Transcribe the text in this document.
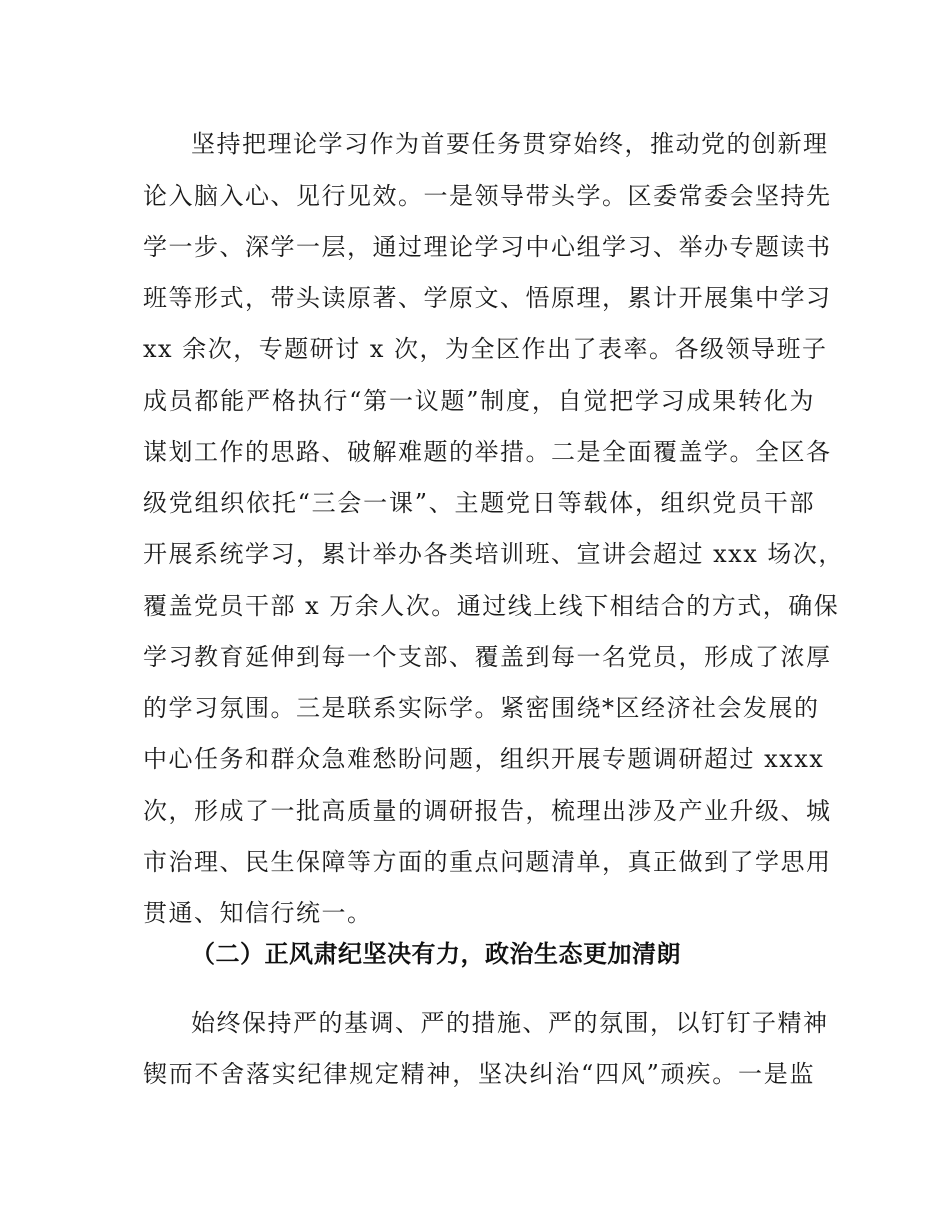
坚持把理论学习作为首要任务贯穿始终，推动党的创新理
论入脑入心、见行见效。一是领导带头学。区委常委会坚持先
学一步、深学一层，通过理论学习中心组学习、举办专题读书
班等形式，带头读原著、学原文、悟原理，累计开展集中学习
xx 余次，专题研讨 x 次，为全区作出了表率。各级领导班子
成员都能严格执行“第一议题”制度，自觉把学习成果转化为
谋划工作的思路、破解难题的举措。二是全面覆盖学。全区各
级党组织依托“三会一课”、主题党日等载体，组织党员干部
开展系统学习，累计举办各类培训班、宣讲会超过 xxx 场次，
覆盖党员干部 x 万余人次。通过线上线下相结合的方式，确保
学习教育延伸到每一个支部、覆盖到每一名党员，形成了浓厚
的学习氛围。三是联系实际学。紧密围绕*区经济社会发展的
中心任务和群众急难愁盼问题，组织开展专题调研超过 xxxx
次，形成了一批高质量的调研报告，梳理出涉及产业升级、城
市治理、民生保障等方面的重点问题清单，真正做到了学思用
贯通、知信行统一。
（二）正风肃纪坚决有力，政治生态更加清朗
始终保持严的基调、严的措施、严的氛围，以钉钉子精神
锲而不舍落实纪律规定精神，坚决纠治“四风”顽疾。一是监
